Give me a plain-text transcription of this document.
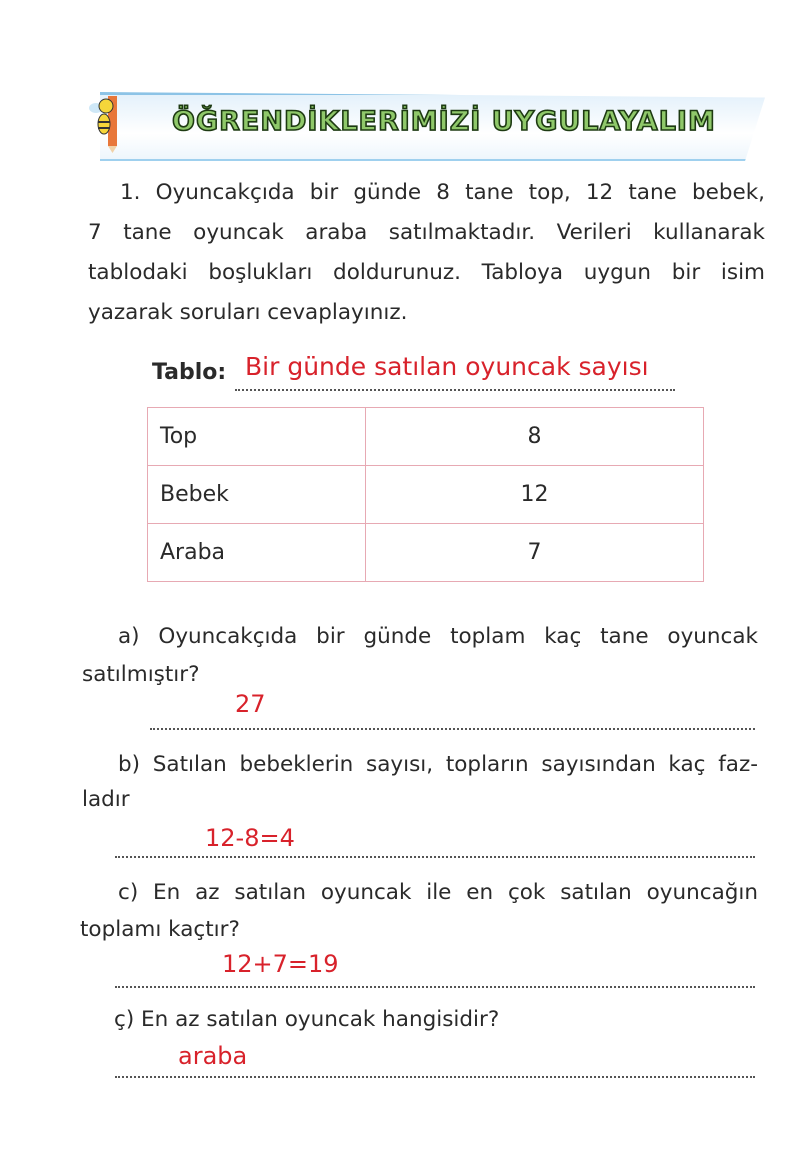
ÖĞRENDİKLERİMİZİ UYGULAYALIM
1. Oyuncakçıda bir günde 8 tane top, 12 tane bebek,
7 tane oyuncak araba satılmaktadır. Verileri kullanarak
tablodaki boşlukları doldurunuz. Tabloya uygun bir isim
yazarak soruları cevaplayınız.
Tablo: Bir günde satılan oyuncak sayısı
Top	8
Bebek	12
Araba	7
a) Oyuncakçıda bir günde toplam kaç tane oyuncak
satılmıştır?
27
b) Satılan bebeklerin sayısı, topların sayısından kaç faz-
ladır
12-8=4
c) En az satılan oyuncak ile en çok satılan oyuncağın
toplamı kaçtır?
12+7=19
ç) En az satılan oyuncak hangisidir?
araba
